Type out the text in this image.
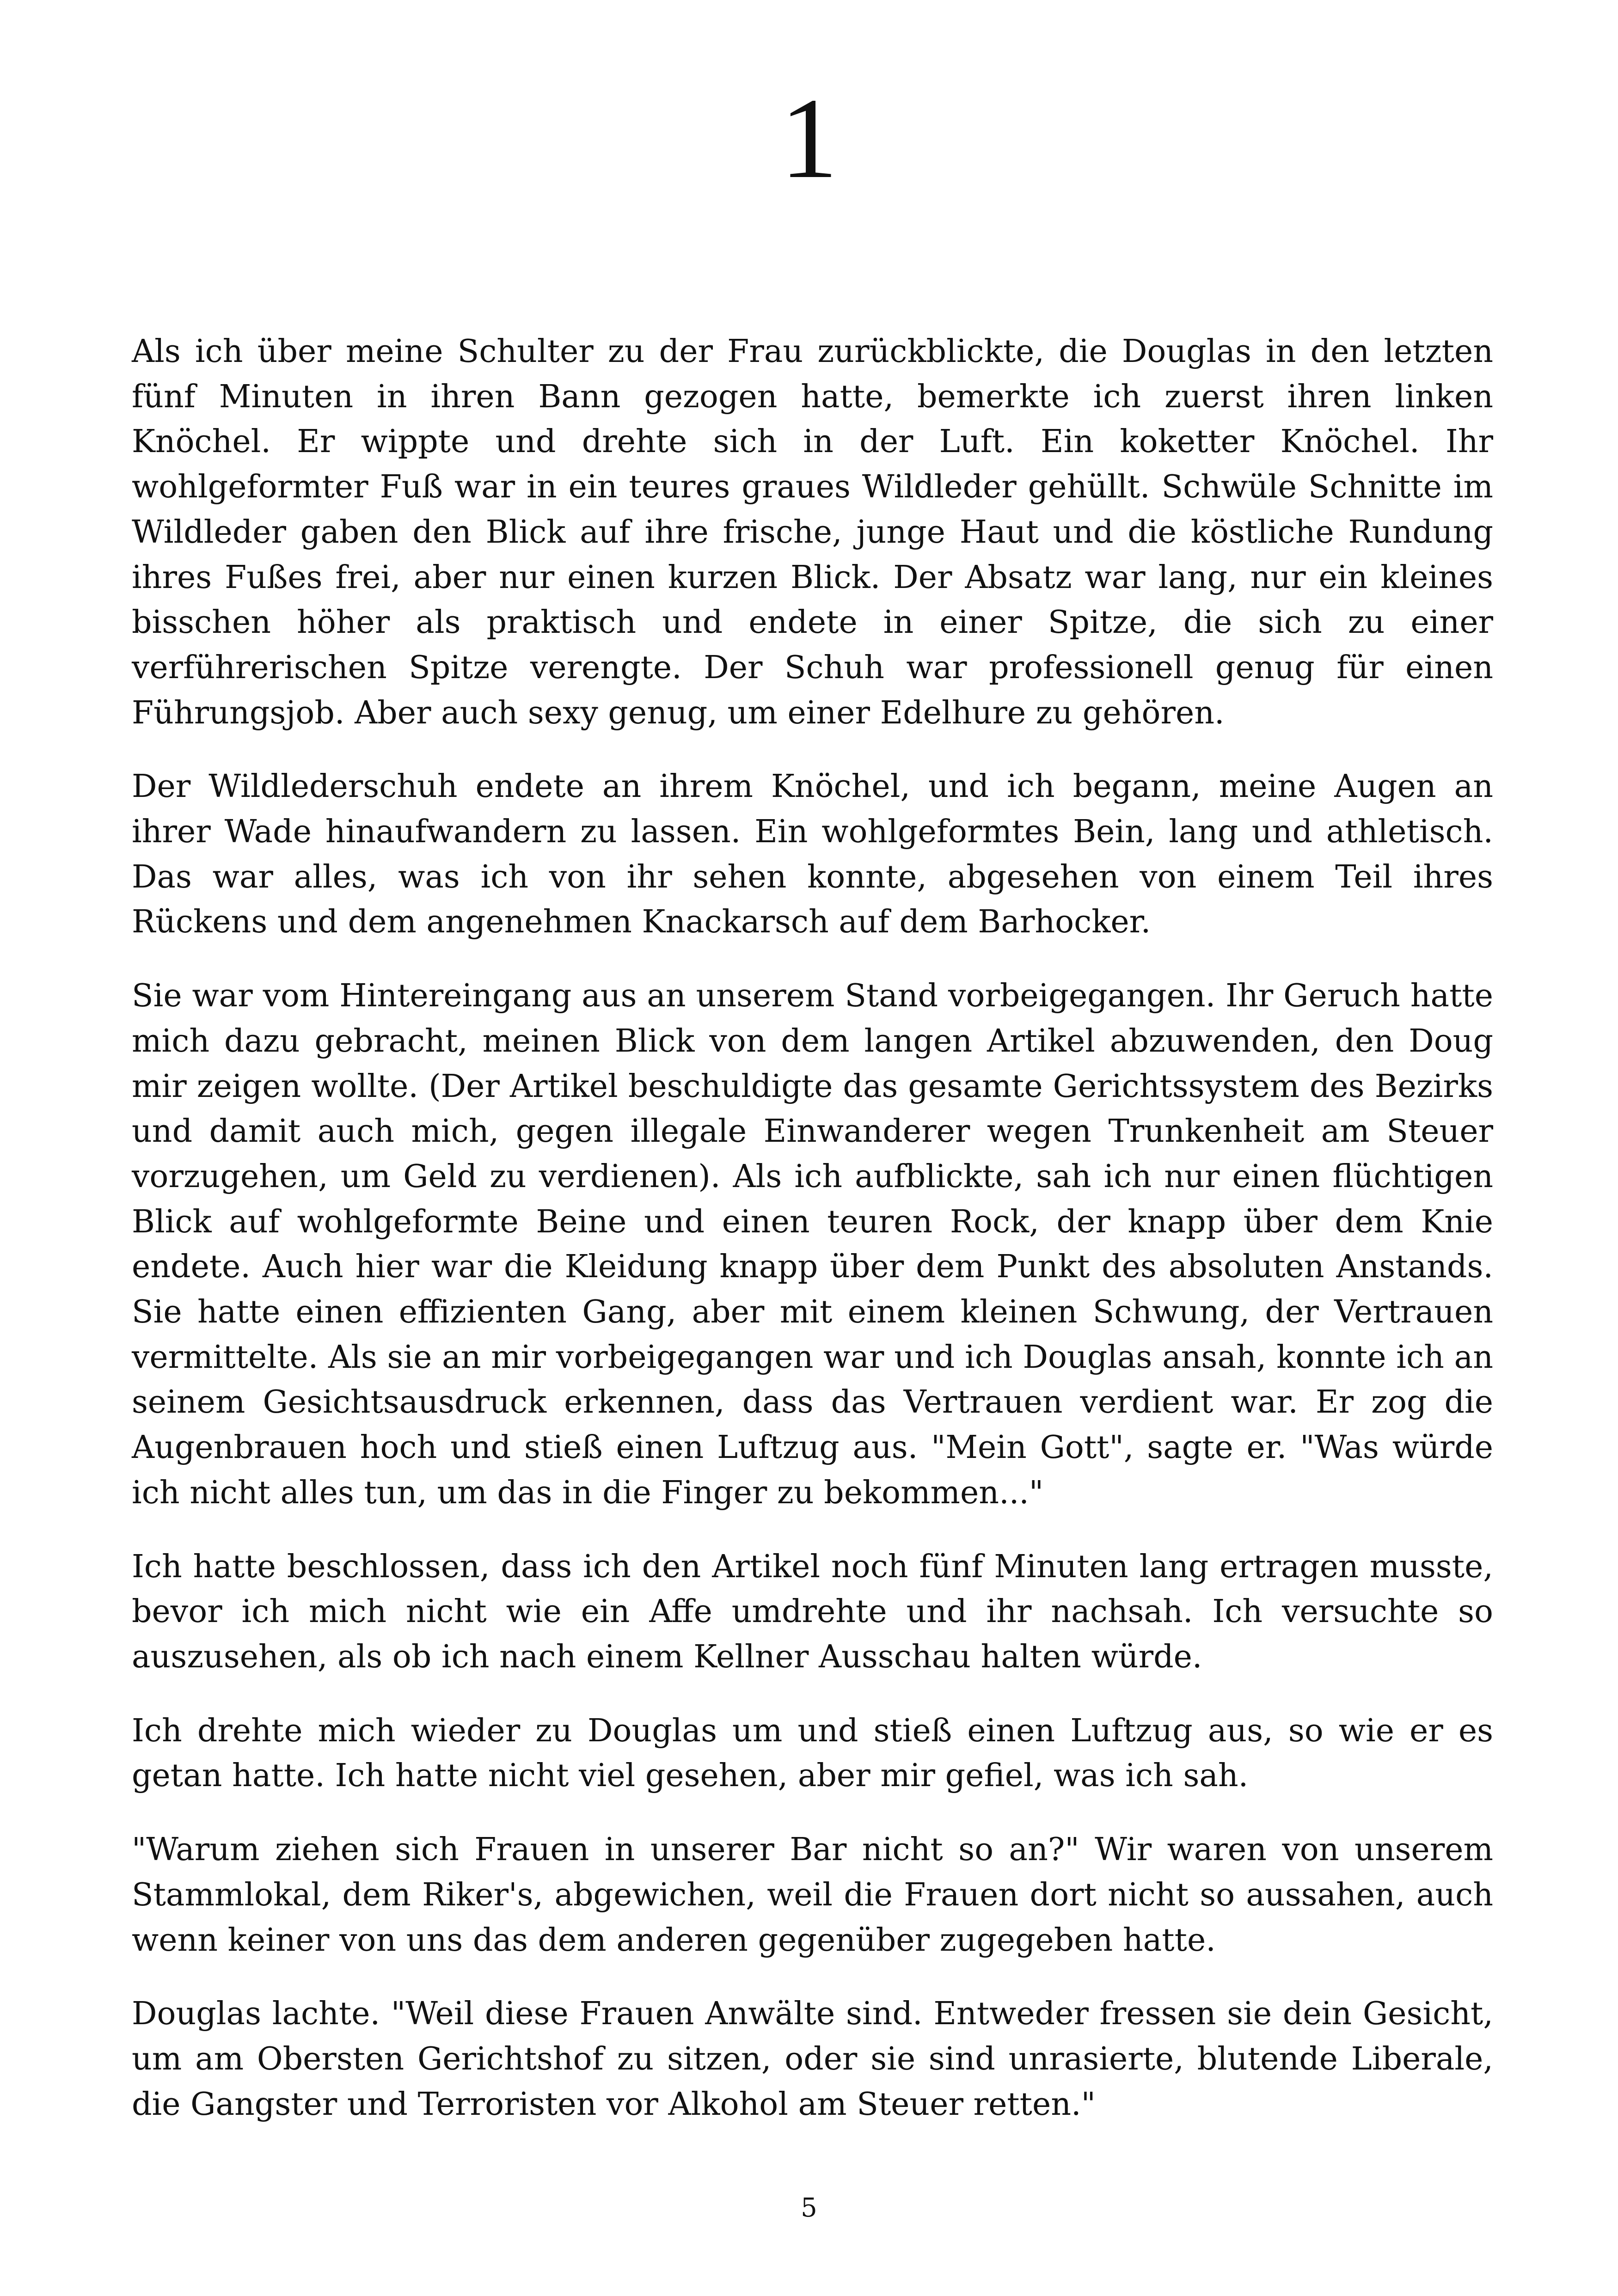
1

Als ich über meine Schulter zu der Frau zurückblickte, die Douglas in den letzten fünf Minuten in ihren Bann gezogen hatte, bemerkte ich zuerst ihren linken Knöchel. Er wippte und drehte sich in der Luft. Ein koketter Knöchel. Ihr wohlgeformter Fuß war in ein teures graues Wildleder gehüllt. Schwüle Schnitte im Wildleder gaben den Blick auf ihre frische, junge Haut und die köstliche Rundung ihres Fußes frei, aber nur einen kurzen Blick. Der Absatz war lang, nur ein kleines bisschen höher als praktisch und endete in einer Spitze, die sich zu einer verführerischen Spitze verengte. Der Schuh war professionell genug für einen Führungsjob. Aber auch sexy genug, um einer Edelhure zu gehören.

Der Wildlederschuh endete an ihrem Knöchel, und ich begann, meine Augen an ihrer Wade hinaufwandern zu lassen. Ein wohlgeformtes Bein, lang und athletisch. Das war alles, was ich von ihr sehen konnte, abgesehen von einem Teil ihres Rückens und dem angenehmen Knackarsch auf dem Barhocker.

Sie war vom Hintereingang aus an unserem Stand vorbeigegangen. Ihr Geruch hatte mich dazu gebracht, meinen Blick von dem langen Artikel abzuwenden, den Doug mir zeigen wollte. (Der Artikel beschuldigte das gesamte Gerichtssystem des Bezirks und damit auch mich, gegen illegale Einwanderer wegen Trunkenheit am Steuer vorzugehen, um Geld zu verdienen). Als ich aufblickte, sah ich nur einen flüchtigen Blick auf wohlgeformte Beine und einen teuren Rock, der knapp über dem Knie endete. Auch hier war die Kleidung knapp über dem Punkt des absoluten Anstands. Sie hatte einen effizienten Gang, aber mit einem kleinen Schwung, der Vertrauen vermittelte. Als sie an mir vorbeigegangen war und ich Douglas ansah, konnte ich an seinem Gesichtsausdruck erkennen, dass das Vertrauen verdient war. Er zog die Augenbrauen hoch und stieß einen Luftzug aus. "Mein Gott", sagte er. "Was würde ich nicht alles tun, um das in die Finger zu bekommen..."

Ich hatte beschlossen, dass ich den Artikel noch fünf Minuten lang ertragen musste, bevor ich mich nicht wie ein Affe umdrehte und ihr nachsah. Ich versuchte so auszusehen, als ob ich nach einem Kellner Ausschau halten würde.

Ich drehte mich wieder zu Douglas um und stieß einen Luftzug aus, so wie er es getan hatte. Ich hatte nicht viel gesehen, aber mir gefiel, was ich sah.

"Warum ziehen sich Frauen in unserer Bar nicht so an?" Wir waren von unserem Stammlokal, dem Riker's, abgewichen, weil die Frauen dort nicht so aussahen, auch wenn keiner von uns das dem anderen gegenüber zugegeben hatte.

Douglas lachte. "Weil diese Frauen Anwälte sind. Entweder fressen sie dein Gesicht, um am Obersten Gerichtshof zu sitzen, oder sie sind unrasierte, blutende Liberale, die Gangster und Terroristen vor Alkohol am Steuer retten."

5
